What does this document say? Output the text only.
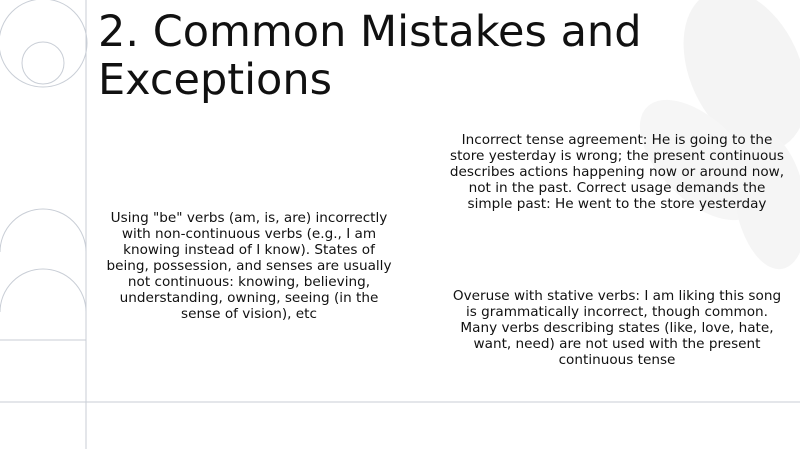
2. Common Mistakes and Exceptions
Using "be" verbs (am, is, are) incorrectly with non-continuous verbs (e.g., I am knowing instead of I know). States of being, possession, and senses are usually not continuous: knowing, believing, understanding, owning, seeing (in the sense of vision), etc
Incorrect tense agreement: He is going to the store yesterday is wrong; the present continuous describes actions happening now or around now, not in the past. Correct usage demands the simple past: He went to the store yesterday
Overuse with stative verbs: I am liking this song is grammatically incorrect, though common. Many verbs describing states (like, love, hate, want, need) are not used with the present continuous tense
